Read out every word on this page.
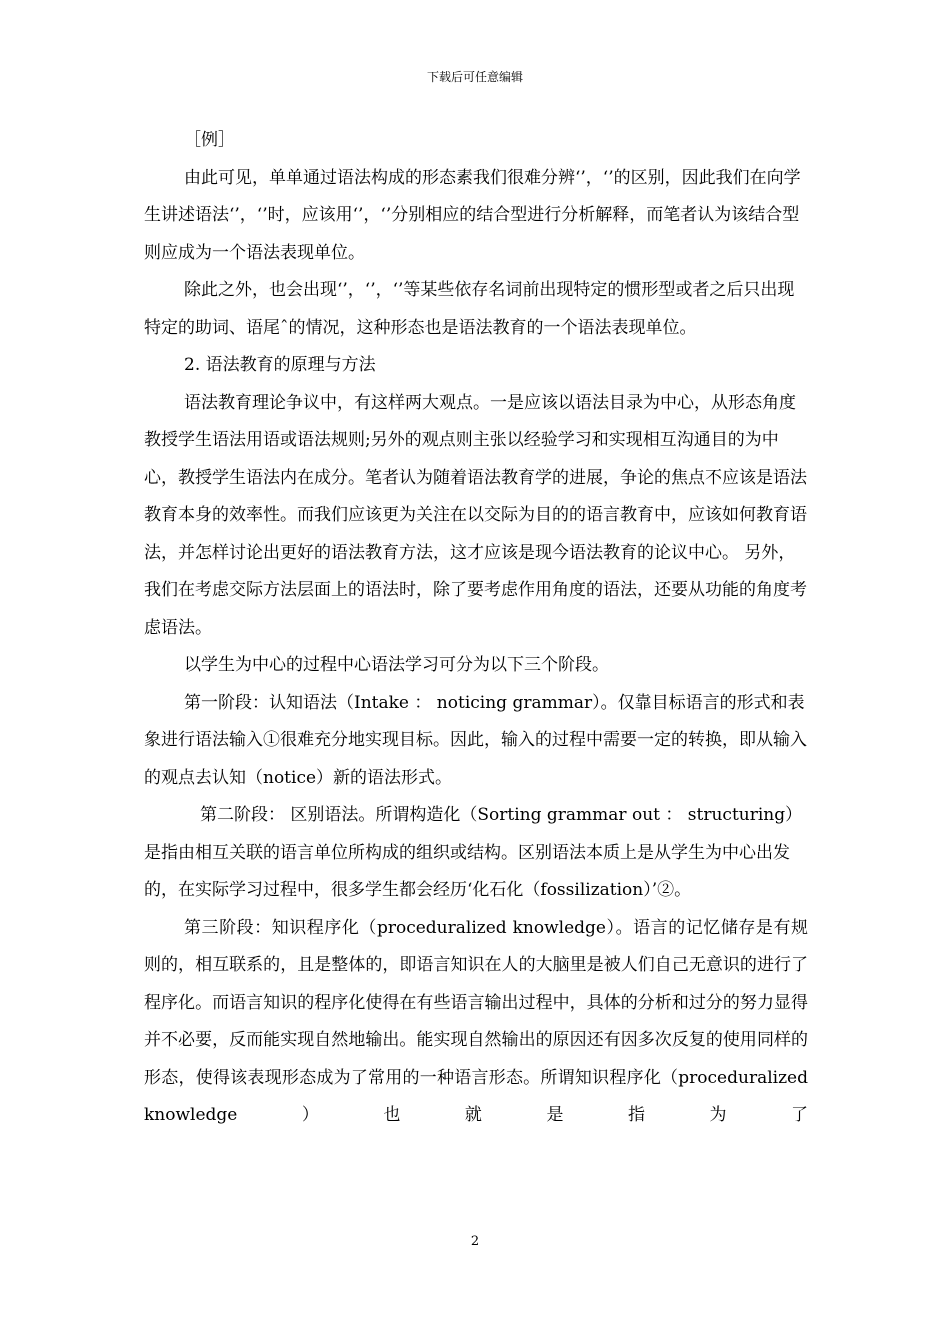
下载后可任意编辑

［例］

由此可见，单单通过语法构成的形态素我们很难分辨‘’，‘’的区别，因此我们在向学生讲述语法‘’，‘’时，应该用‘’，‘’分别相应的结合型进行分析解释，而笔者认为该结合型则应成为一个语法表现单位。

除此之外，也会出现‘’，‘’，‘’等某些依存名词前出现特定的惯形型或者之后只出现特定的助词、语尾ˆ的情况，这种形态也是语法教育的一个语法表现单位。

2. 语法教育的原理与方法

语法教育理论争议中，有这样两大观点。一是应该以语法目录为中心，从形态角度教授学生语法用语或语法规则;另外的观点则主张以经验学习和实现相互沟通目的为中心，教授学生语法内在成分。笔者认为随着语法教育学的进展，争论的焦点不应该是语法教育本身的效率性。而我们应该更为关注在以交际为目的的语言教育中，应该如何教育语法，并怎样讨论出更好的语法教育方法，这才应该是现今语法教育的论议中心。 另外，我们在考虑交际方法层面上的语法时，除了要考虑作用角度的语法，还要从功能的角度考虑语法。

以学生为中心的过程中心语法学习可分为以下三个阶段。

第一阶段：认知语法（Intake ： noticing grammar）。仅靠目标语言的形式和表象进行语法输入①很难充分地实现目标。因此，输入的过程中需要一定的转换，即从输入的观点去认知（notice）新的语法形式。

第二阶段： 区别语法。所谓构造化（Sorting grammar out ： structuring）是指由相互关联的语言单位所构成的组织或结构。区别语法本质上是从学生为中心出发的，在实际学习过程中，很多学生都会经历‘化石化（fossilization）’②。

第三阶段：知识程序化（proceduralized knowledge）。语言的记忆储存是有规则的，相互联系的，且是整体的，即语言知识在人的大脑里是被人们自己无意识的进行了程序化。而语言知识的程序化使得在有些语言输出过程中，具体的分析和过分的努力显得并不必要，反而能实现自然地输出。能实现自然输出的原因还有因多次反复的使用同样的形态，使得该表现形态成为了常用的一种语言形态。所谓知识程序化（proceduralized knowledge）也就是指为了

2
